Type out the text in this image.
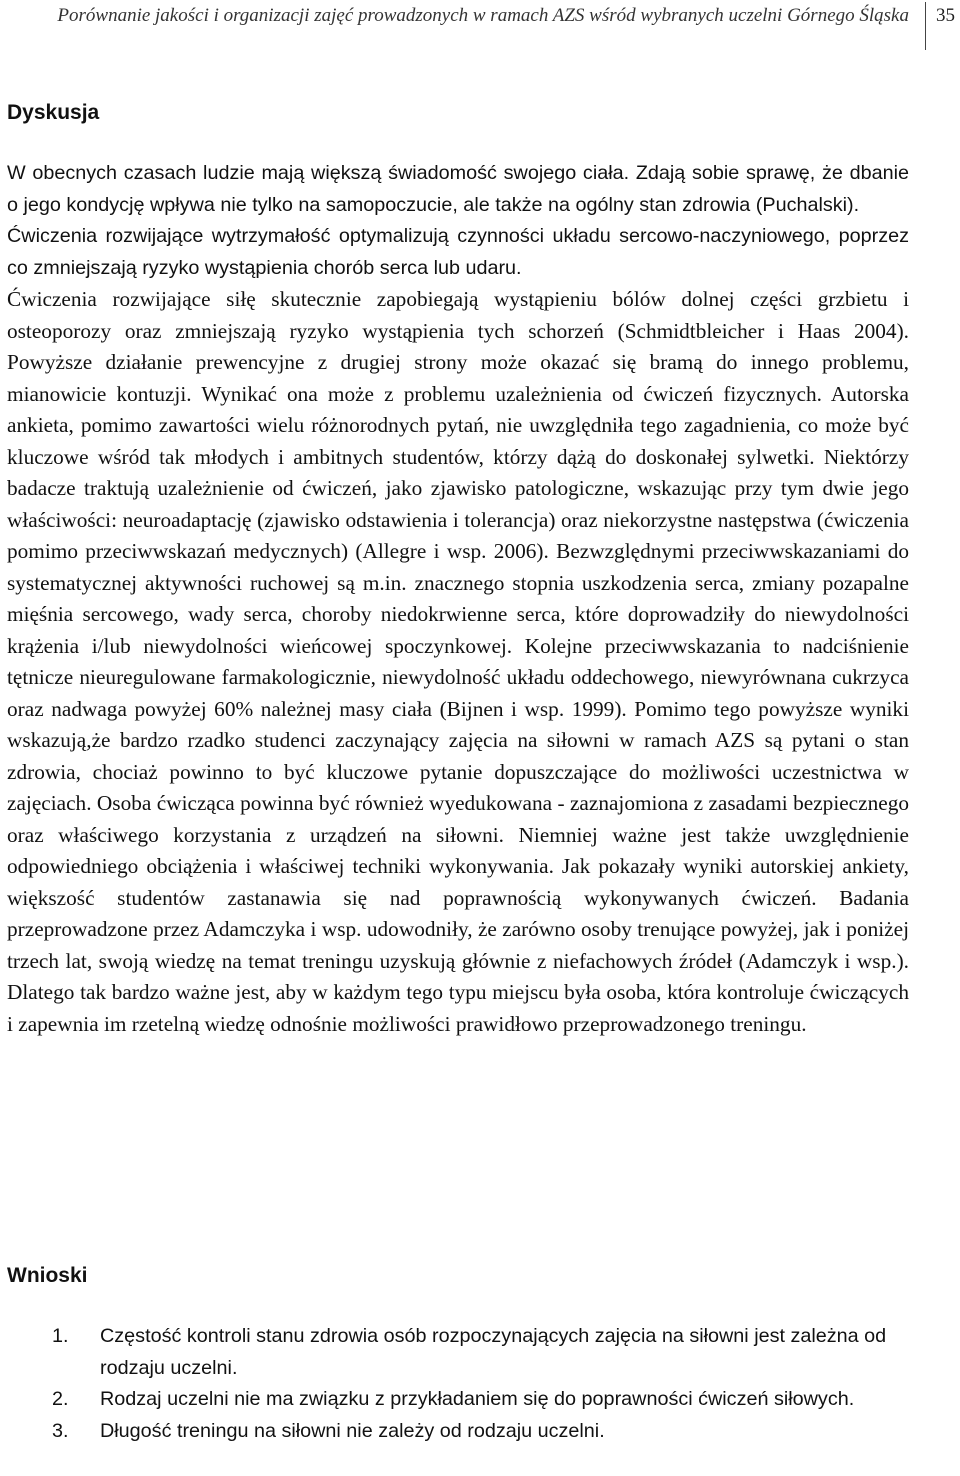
Porównanie jakości i organizacji zajęć prowadzonych w ramach AZS wśród wybranych uczelni Górnego Śląska 35
Dyskusja

W obecnych czasach ludzie mają większą świadomość swojego ciała. Zdają sobie sprawę, że dbanie o jego kondycję wpływa nie tylko na samopoczucie, ale także na ogólny stan zdrowia (Puchalski).

Ćwiczenia rozwijające wytrzymałość optymalizują czynności układu sercowo-naczyniowego, poprzez co zmniejszają ryzyko wystąpienia chorób serca lub udaru.

Ćwiczenia rozwijające siłę skutecznie zapobiegają wystąpieniu bólów dolnej części grzbietu i osteoporozy oraz zmniejszają ryzyko wystąpienia tych schorzeń (Schmidtbleicher i Haas 2004). Powyższe działanie prewencyjne z drugiej strony może okazać się bramą do innego problemu, mianowicie kontuzji. Wynikać ona może z problemu uzależnienia od ćwiczeń fizycznych. Autorska ankieta, pomimo zawartości wielu różnorodnych pytań, nie uwzględniła tego zagadnienia, co może być kluczowe wśród tak młodych i ambitnych studentów, którzy dążą do doskonałej sylwetki. Niektórzy badacze traktują uzależnienie od ćwiczeń, jako zjawisko patologiczne, wskazując przy tym dwie jego właściwości: neuroadaptację (zjawisko odstawienia i tolerancja) oraz niekorzystne następstwa (ćwiczenia pomimo przeciwwskazań medycznych) (Allegre i wsp. 2006). Bezwzględnymi przeciwwskazaniami do systematycznej aktywności ruchowej są m.in. znacznego stopnia uszkodzenia serca, zmiany pozapalne mięśnia sercowego, wady serca, choroby niedokrwienne serca, które doprowadziły do niewydolności krążenia i/lub niewydolności wieńcowej spoczynkowej. Kolejne przeciwwskazania to nadciśnienie tętnicze nieuregulowane farmakologicznie, niewydolność układu oddechowego, niewyrównana cukrzyca oraz nadwaga powyżej 60% należnej masy ciała (Bijnen i wsp. 1999). Pomimo tego powyższe wyniki wskazują,że bardzo rzadko studenci zaczynający zajęcia na siłowni w ramach AZS są pytani o stan zdrowia, chociaż powinno to być kluczowe pytanie dopuszczające do możliwości uczestnictwa w zajęciach. Osoba ćwicząca powinna być również wyedukowana - zaznajomiona z zasadami bezpiecznego oraz właściwego korzystania z urządzeń na siłowni. Niemniej ważne jest także uwzględnienie odpowiedniego obciążenia i właściwej techniki wykonywania. Jak pokazały wyniki autorskiej ankiety, większość studentów zastanawia się nad poprawnością wykonywanych ćwiczeń. Badania przeprowadzone przez Adamczyka i wsp. udowodniły, że zarówno osoby trenujące powyżej, jak i poniżej trzech lat, swoją wiedzę na temat treningu uzyskują głównie z niefachowych źródeł (Adamczyk i wsp.). Dlatego tak bardzo ważne jest, aby w każdym tego typu miejscu była osoba, która kontroluje ćwiczących i zapewnia im rzetelną wiedzę odnośnie możliwości prawidłowo przeprowadzonego treningu.

Wnioski
1. Częstość kontroli stanu zdrowia osób rozpoczynających zajęcia na siłowni jest zależna od rodzaju uczelni.
2. Rodzaj uczelni nie ma związku z przykładaniem się do poprawności ćwiczeń siłowych.
3. Długość treningu na siłowni nie zależy od rodzaju uczelni.
